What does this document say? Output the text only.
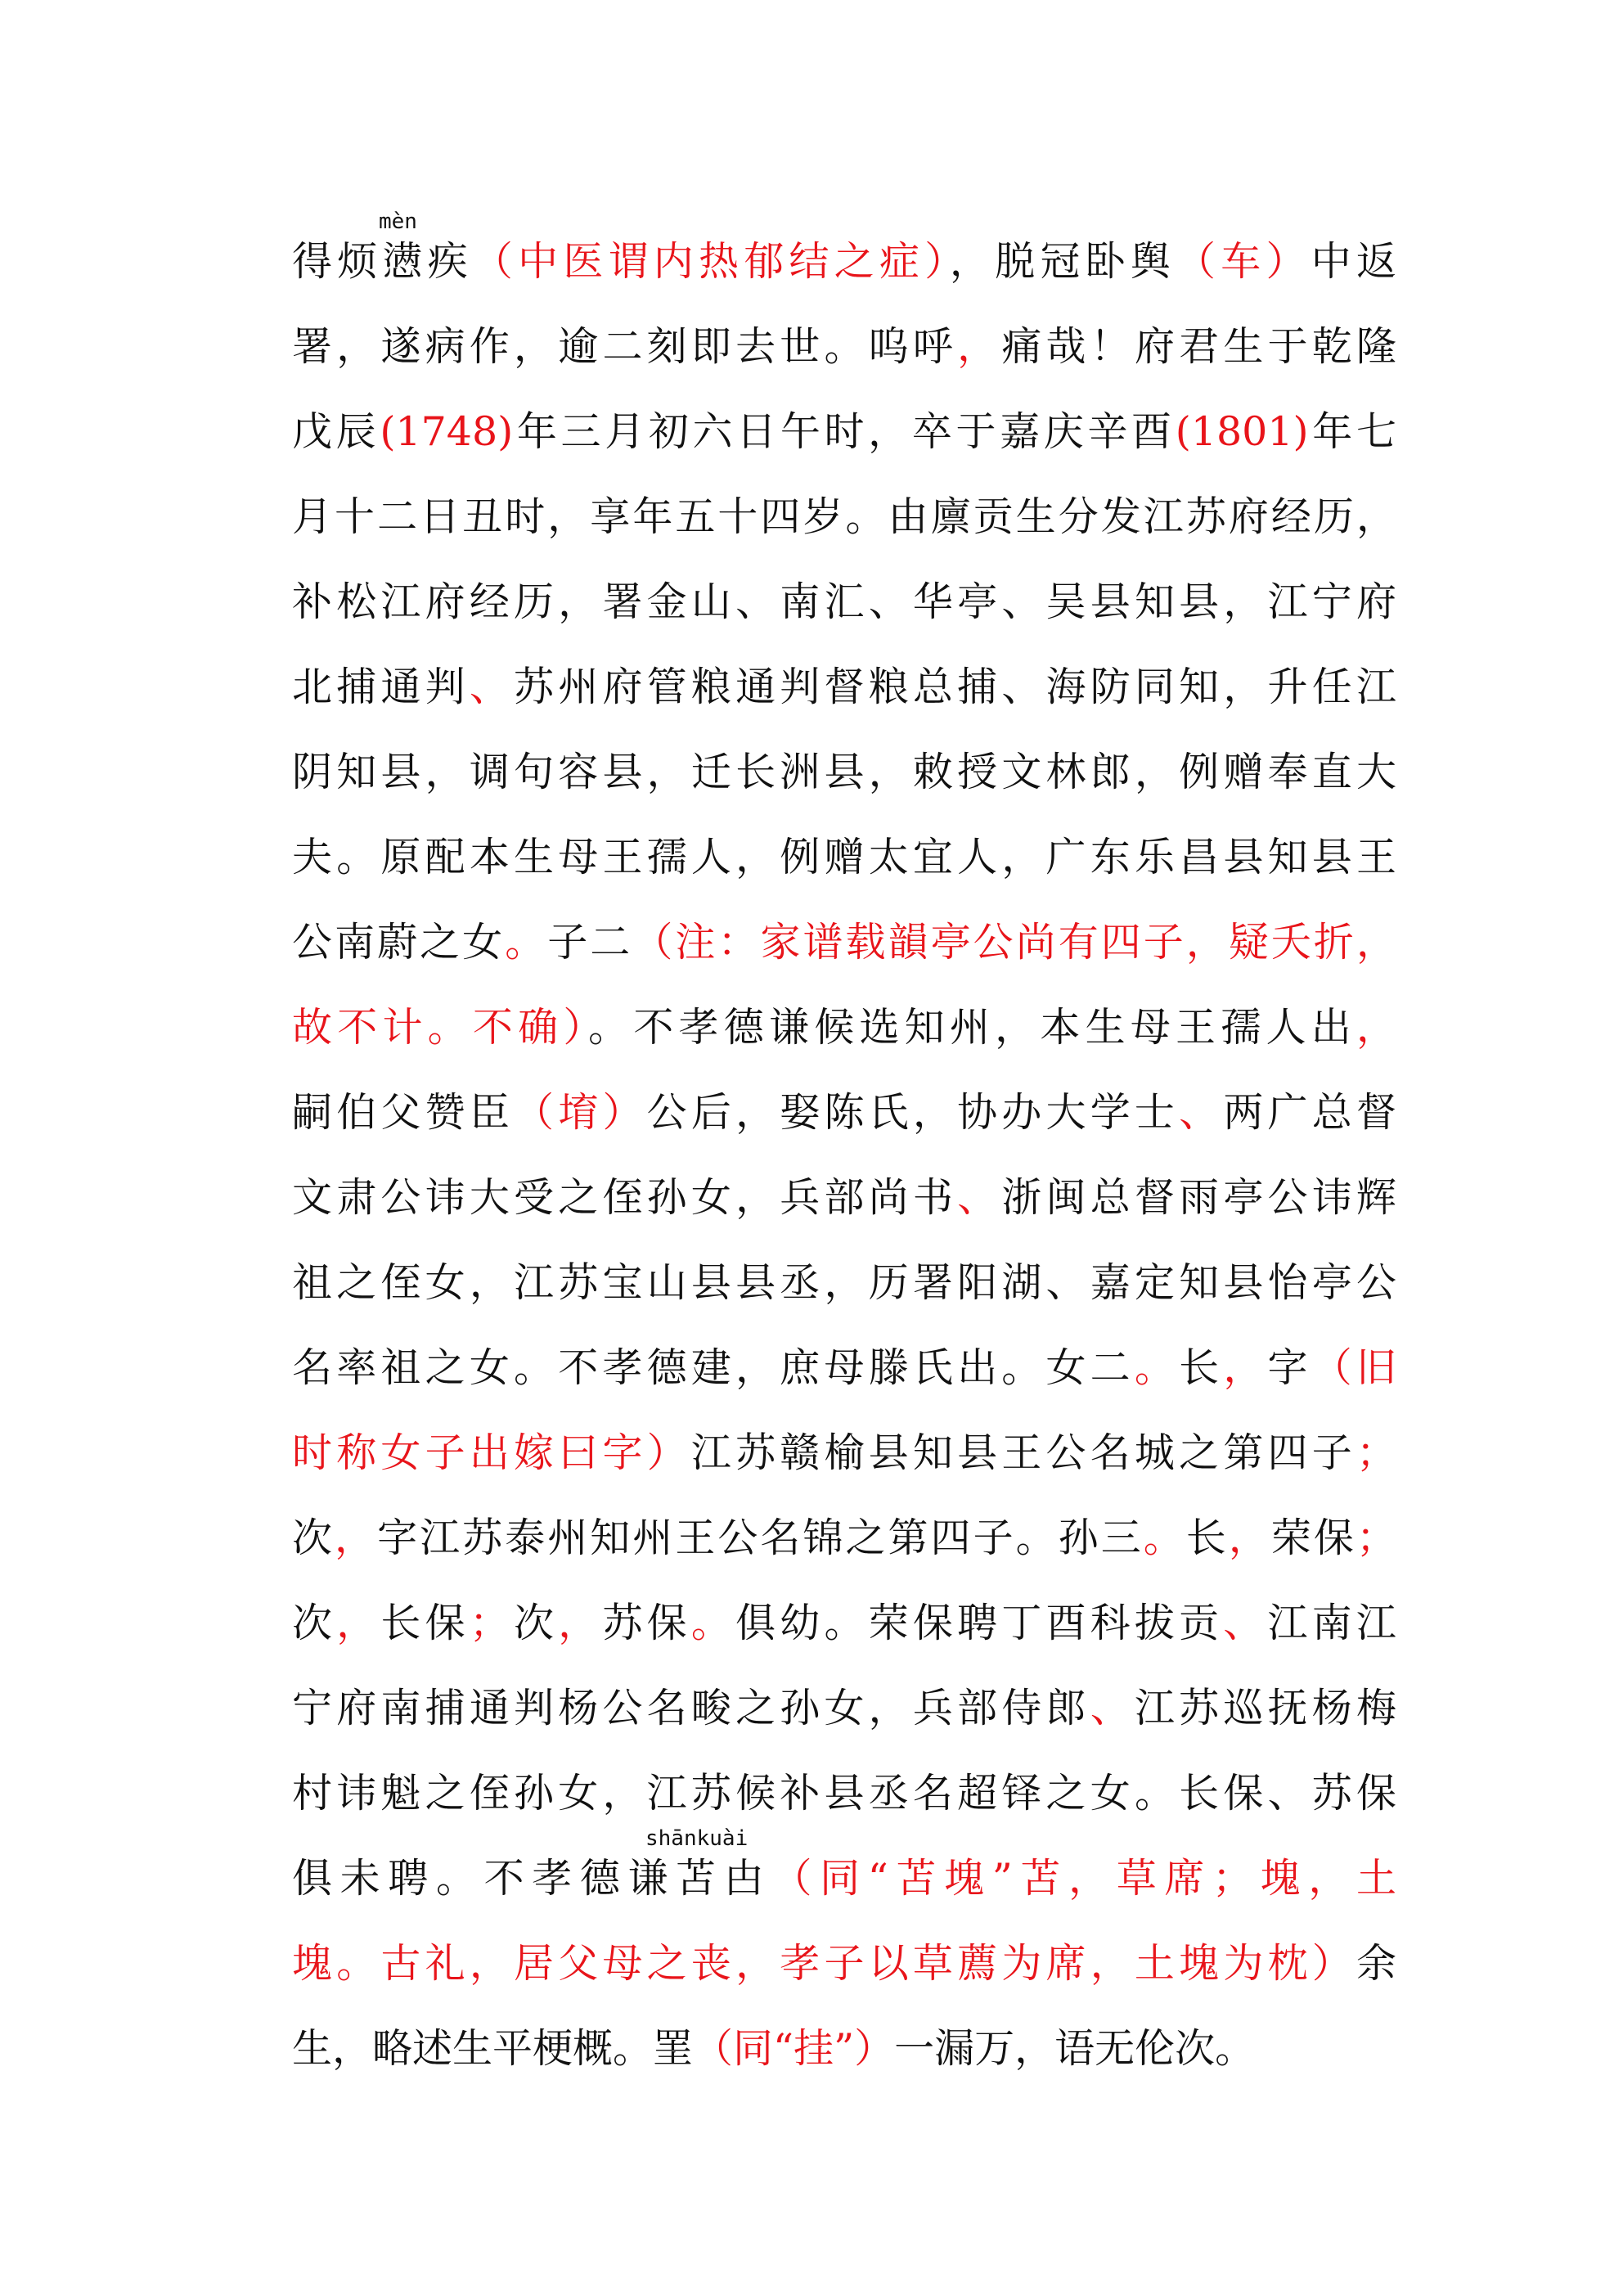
mèn
得烦懑疾（中医谓内热郁结之症），脱冠卧舆（车）中返
署，遂病作，逾二刻即去世。呜呼，痛哉！府君生于乾隆
戊辰(1748)年三月初六日午时，卒于嘉庆辛酉(1801)年七
月十二日丑时，享年五十四岁。由廪贡生分发江苏府经历，
补松江府经历，署金山、南汇、华亭、吴县知县，江宁府
北捕通判、苏州府管粮通判督粮总捕、海防同知，升任江
阴知县，调句容县，迁长洲县，敕授文林郎，例赠奉直大
夫。原配本生母王孺人，例赠太宜人，广东乐昌县知县王
公南蔚之女。子二（注：家谱载韻亭公尚有四子，疑夭折，
故不计。不确）。不孝德谦候选知州，本生母王孺人出，
嗣伯父赞臣（堉）公后，娶陈氏，协办大学士、两广总督
文肃公讳大受之侄孙女，兵部尚书、浙闽总督雨亭公讳辉
祖之侄女，江苏宝山县县丞，历署阳湖、嘉定知县怡亭公
名率祖之女。不孝德建，庶母滕氏出。女二。长，字（旧
时称女子出嫁曰字）江苏赣榆县知县王公名城之第四子；
次，字江苏泰州知州王公名锦之第四子。孙三。长，荣保；
次，长保；次，苏保。俱幼。荣保聘丁酉科拔贡、江南江
宁府南捕通判杨公名畯之孙女，兵部侍郎、江苏巡抚杨梅
村讳魁之侄孙女，江苏候补县丞名超铎之女。长保、苏保
shānkuài
俱未聘。不孝德谦苫甴（同“苫塊”苫，草席；塊，土
塊。古礼，居父母之丧，孝子以草薦为席，土塊为枕）余
生，略述生平梗概。罣（同“挂”）一漏万，语无伦次。
